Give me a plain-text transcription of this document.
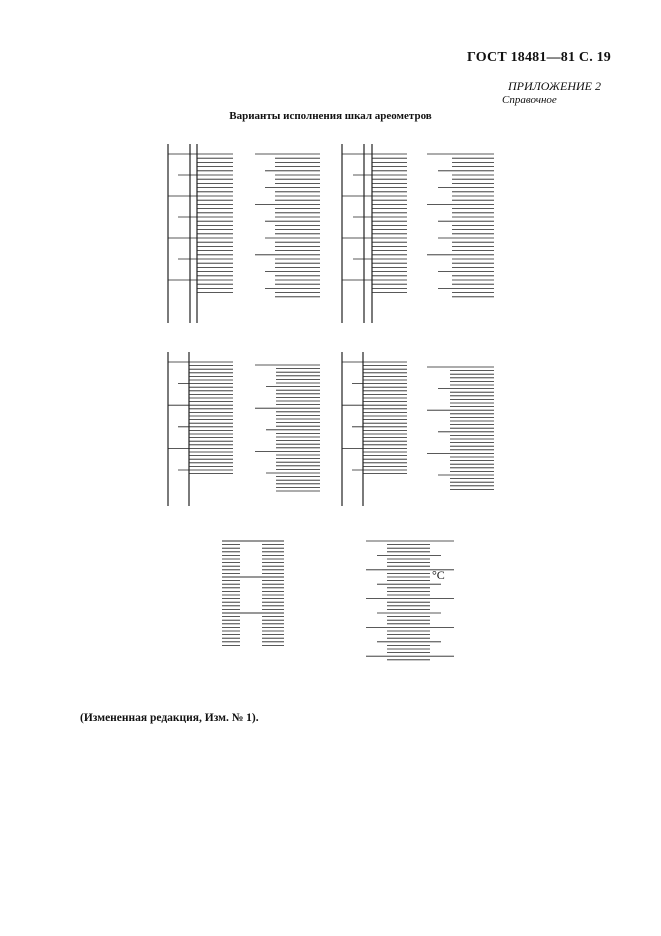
ГОСТ 18481—81 С. 19
ПРИЛОЖЕНИЕ 2

Справочное
Варианты исполнения шкал ареометров
°C
(Измененная редакция, Изм. № 1).
